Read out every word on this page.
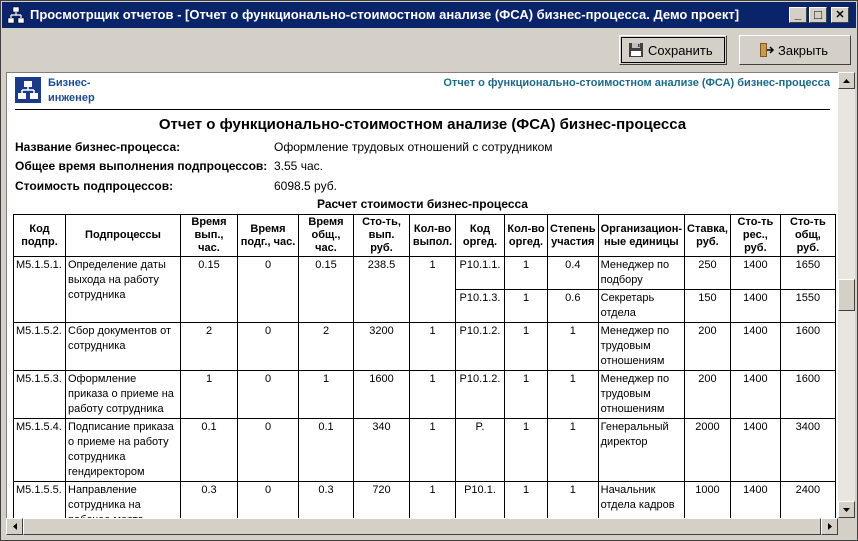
Просмотрщик отчетов - [Отчет о функционально-стоимостном анализе (ФСА) бизнес-процесса. Демо проект]	_ □ ✕
Сохранить	Закрыть
Бизнес-
инженер
Отчет о функционально-стоимостном анализе (ФСА) бизнес-процесса
Отчет о функционально-стоимостном анализе (ФСА) бизнес-процесса
Название бизнес-процесса:	Оформление трудовых отношений с сотрудником
Общее время выполнения подпроцессов: 3.55 час.
Стоимость подпроцессов:	6098.5 руб.
Расчет стоимости бизнес-процесса
Код подпр.	Подпроцессы	Время вып., час.	Время подг., час.	Время общ., час.	Сто-ть, вып. руб.	Кол-во выпол.	Код оргед.	Кол-во оргед.	Степень участия	Организацион-ные единицы	Ставка, руб.	Сто-ть рес., руб.	Сто-ть общ, руб.
M5.1.5.1.	Определение даты выхода на работу сотрудника	0.15	0	0.15	238.5	1	P10.1.1.	1	0.4	Менеджер по подбору	250	1400	1650
							P10.1.3.	1	0.6	Секретарь отдела	150	1400	1550
M5.1.5.2.	Сбор документов от сотрудника	2	0	2	3200	1	P10.1.2.	1	1	Менеджер по трудовым отношениям	200	1400	1600
M5.1.5.3.	Оформление приказа о приеме на работу сотрудника	1	0	1	1600	1	P10.1.2.	1	1	Менеджер по трудовым отношениям	200	1400	1600
M5.1.5.4.	Подписание приказа о приеме на работу сотрудника гендиректором	0.1	0	0.1	340	1	P.	1	1	Генеральный директор	2000	1400	3400
M5.1.5.5.	Направление сотрудника на	0.3	0	0.3	720	1	P10.1.	1	1	Начальник отдела кадров	1000	1400	2400
